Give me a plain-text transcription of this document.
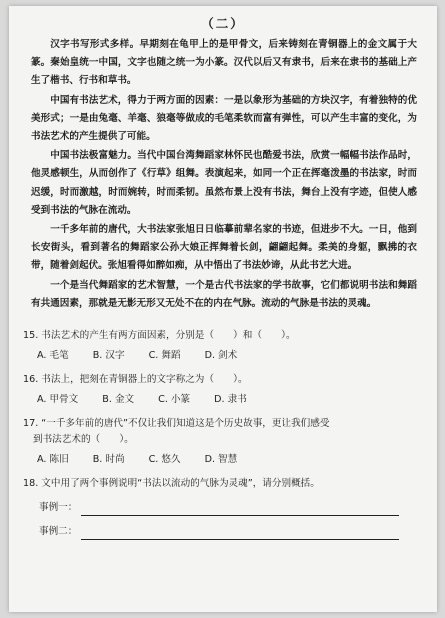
（二）

汉字书写形式多样。早期刻在龟甲上的是甲骨文，后来铸刻在青铜器上的金文属于大篆。秦始皇统一中国，文字也随之统一为小篆。汉代以后又有隶书，后来在隶书的基础上产生了楷书、行书和草书。

中国有书法艺术，得力于两方面的因素：一是以象形为基础的方块汉字，有着独特的优美形式；一是由兔毫、羊毫、狼毫等做成的毛笔柔软而富有弹性，可以产生丰富的变化，为书法艺术的产生提供了可能。

中国书法极富魅力。当代中国台湾舞蹈家林怀民也酷爱书法，欣赏一幅幅书法作品时，他灵感顿生，从而创作了《行草》组舞。表演起来，如同一个正在挥毫泼墨的书法家，时而迟缓，时而激越，时而婉转，时而柔韧。虽然布景上没有书法，舞台上没有字迹，但使人感受到书法的气脉在流动。

一千多年前的唐代，大书法家张旭日日临摹前辈名家的书迹，但进步不大。一日，他到长安街头，看到著名的舞蹈家公孙大娘正挥舞着长剑，翩翩起舞。柔美的身躯，飘拂的衣带，随着剑起伏。张旭看得如醉如痴，从中悟出了书法妙谛，从此书艺大进。

一个是当代舞蹈家的艺术智慧，一个是古代书法家的学书故事，它们都说明书法和舞蹈有共通因素，那就是无影无形又无处不在的内在气脉。流动的气脉是书法的灵魂。

15. 书法艺术的产生有两方面因素，分别是（　　）和（　　）。
A. 毛笔	B. 汉字	C. 舞蹈	D. 剑术
16. 书法上，把刻在青铜器上的文字称之为（　　）。
A. 甲骨文	B. 金文	C. 小篆	D. 隶书
17. “一千多年前的唐代”不仅让我们知道这是个历史故事，更让我们感受
到书法艺术的（　　）。
A. 陈旧	B. 时尚	C. 悠久	D. 智慧
18. 文中用了两个事例说明“书法以流动的气脉为灵魂”，请分别概括。
事例一：
事例二：
